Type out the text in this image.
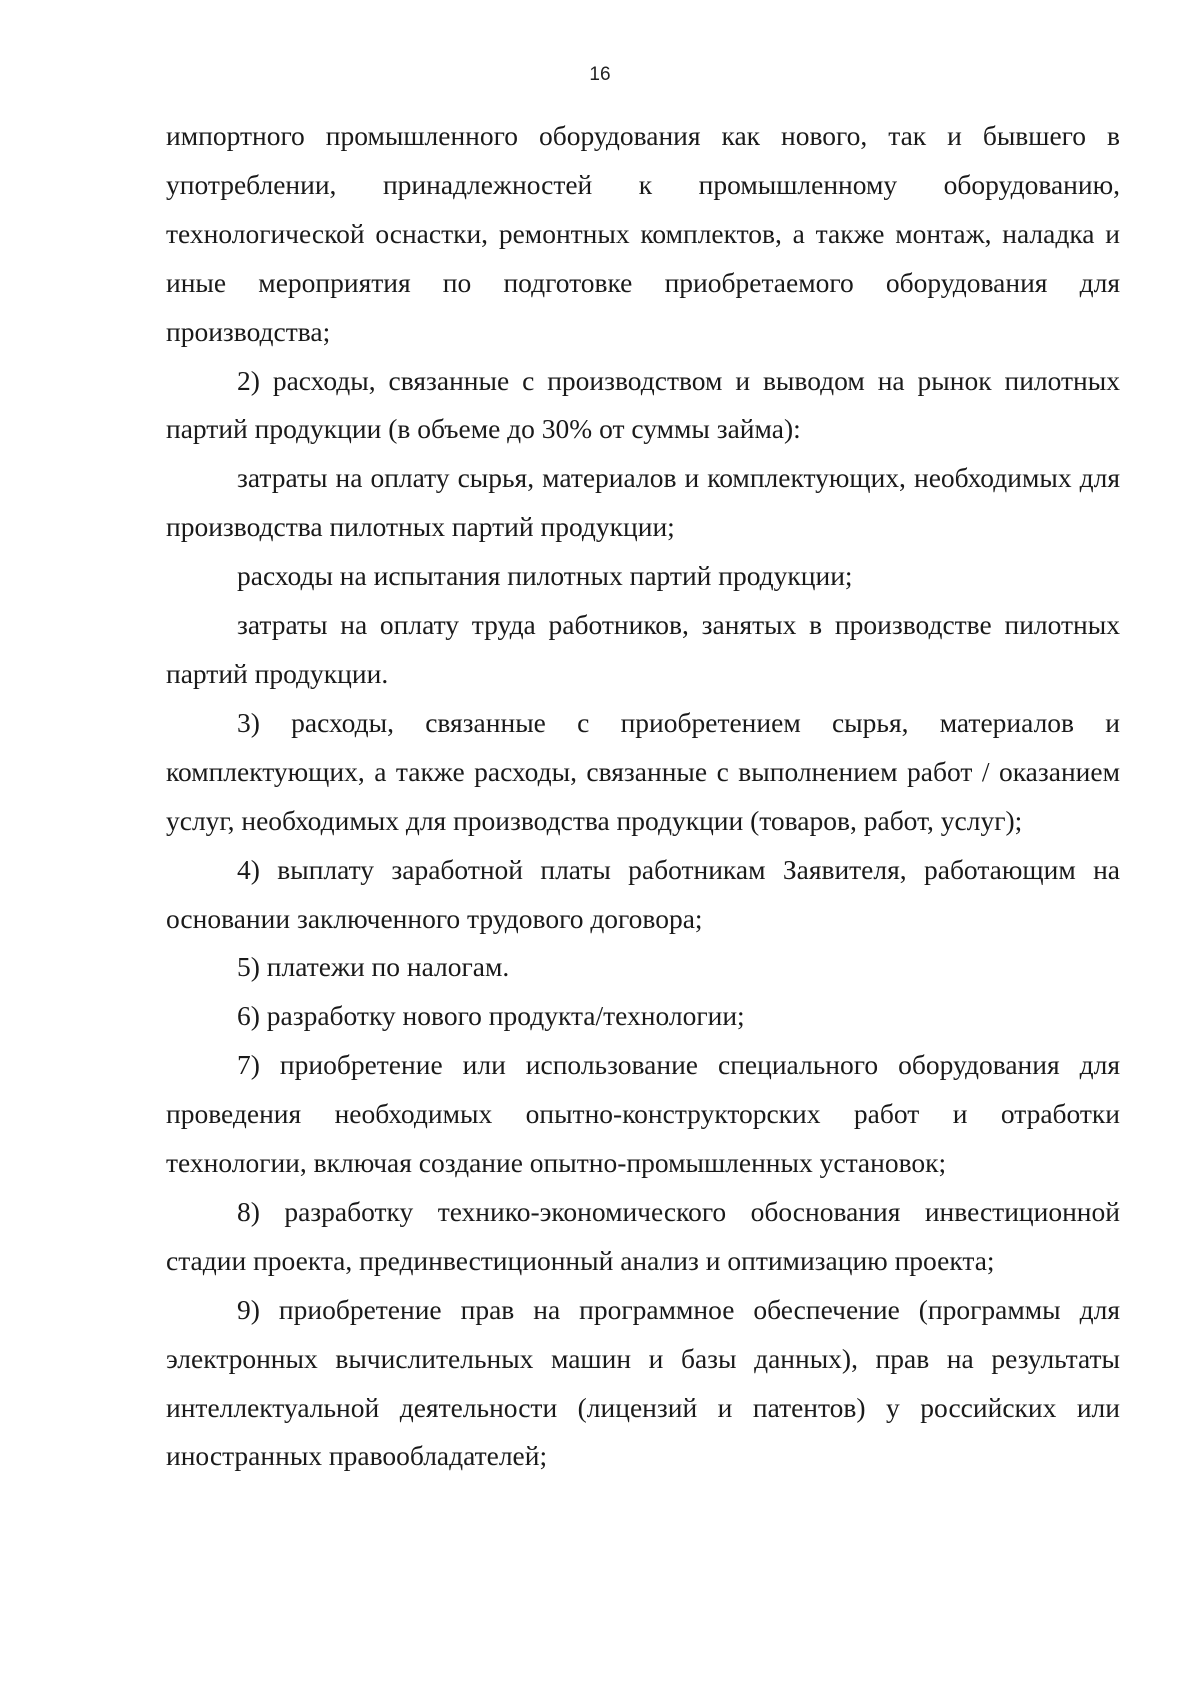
16

импортного промышленного оборудования как нового, так и бывшего в употреблении, принадлежностей к промышленному оборудованию, технологической оснастки, ремонтных комплектов, а также монтаж, наладка и иные мероприятия по подготовке приобретаемого оборудования для производства;

2) расходы, связанные с производством и выводом на рынок пилотных партий продукции (в объеме до 30% от суммы займа):

затраты на оплату сырья, материалов и комплектующих, необходимых для производства пилотных партий продукции;

расходы на испытания пилотных партий продукции;

затраты на оплату труда работников, занятых в производстве пилотных партий продукции.

3) расходы, связанные с приобретением сырья, материалов и комплектующих, а также расходы, связанные с выполнением работ / оказанием услуг, необходимых для производства продукции (товаров, работ, услуг);

4) выплату заработной платы работникам Заявителя, работающим на основании заключенного трудового договора;

5) платежи по налогам.

6) разработку нового продукта/технологии;

7) приобретение или использование специального оборудования для проведения необходимых опытно-конструкторских работ и отработки технологии, включая создание опытно-промышленных установок;

8) разработку технико-экономического обоснования инвестиционной стадии проекта, прединвестиционный анализ и оптимизацию проекта;

9) приобретение прав на программное обеспечение (программы для электронных вычислительных машин и базы данных), прав на результаты интеллектуальной деятельности (лицензий и патентов) у российских или иностранных правообладателей;
